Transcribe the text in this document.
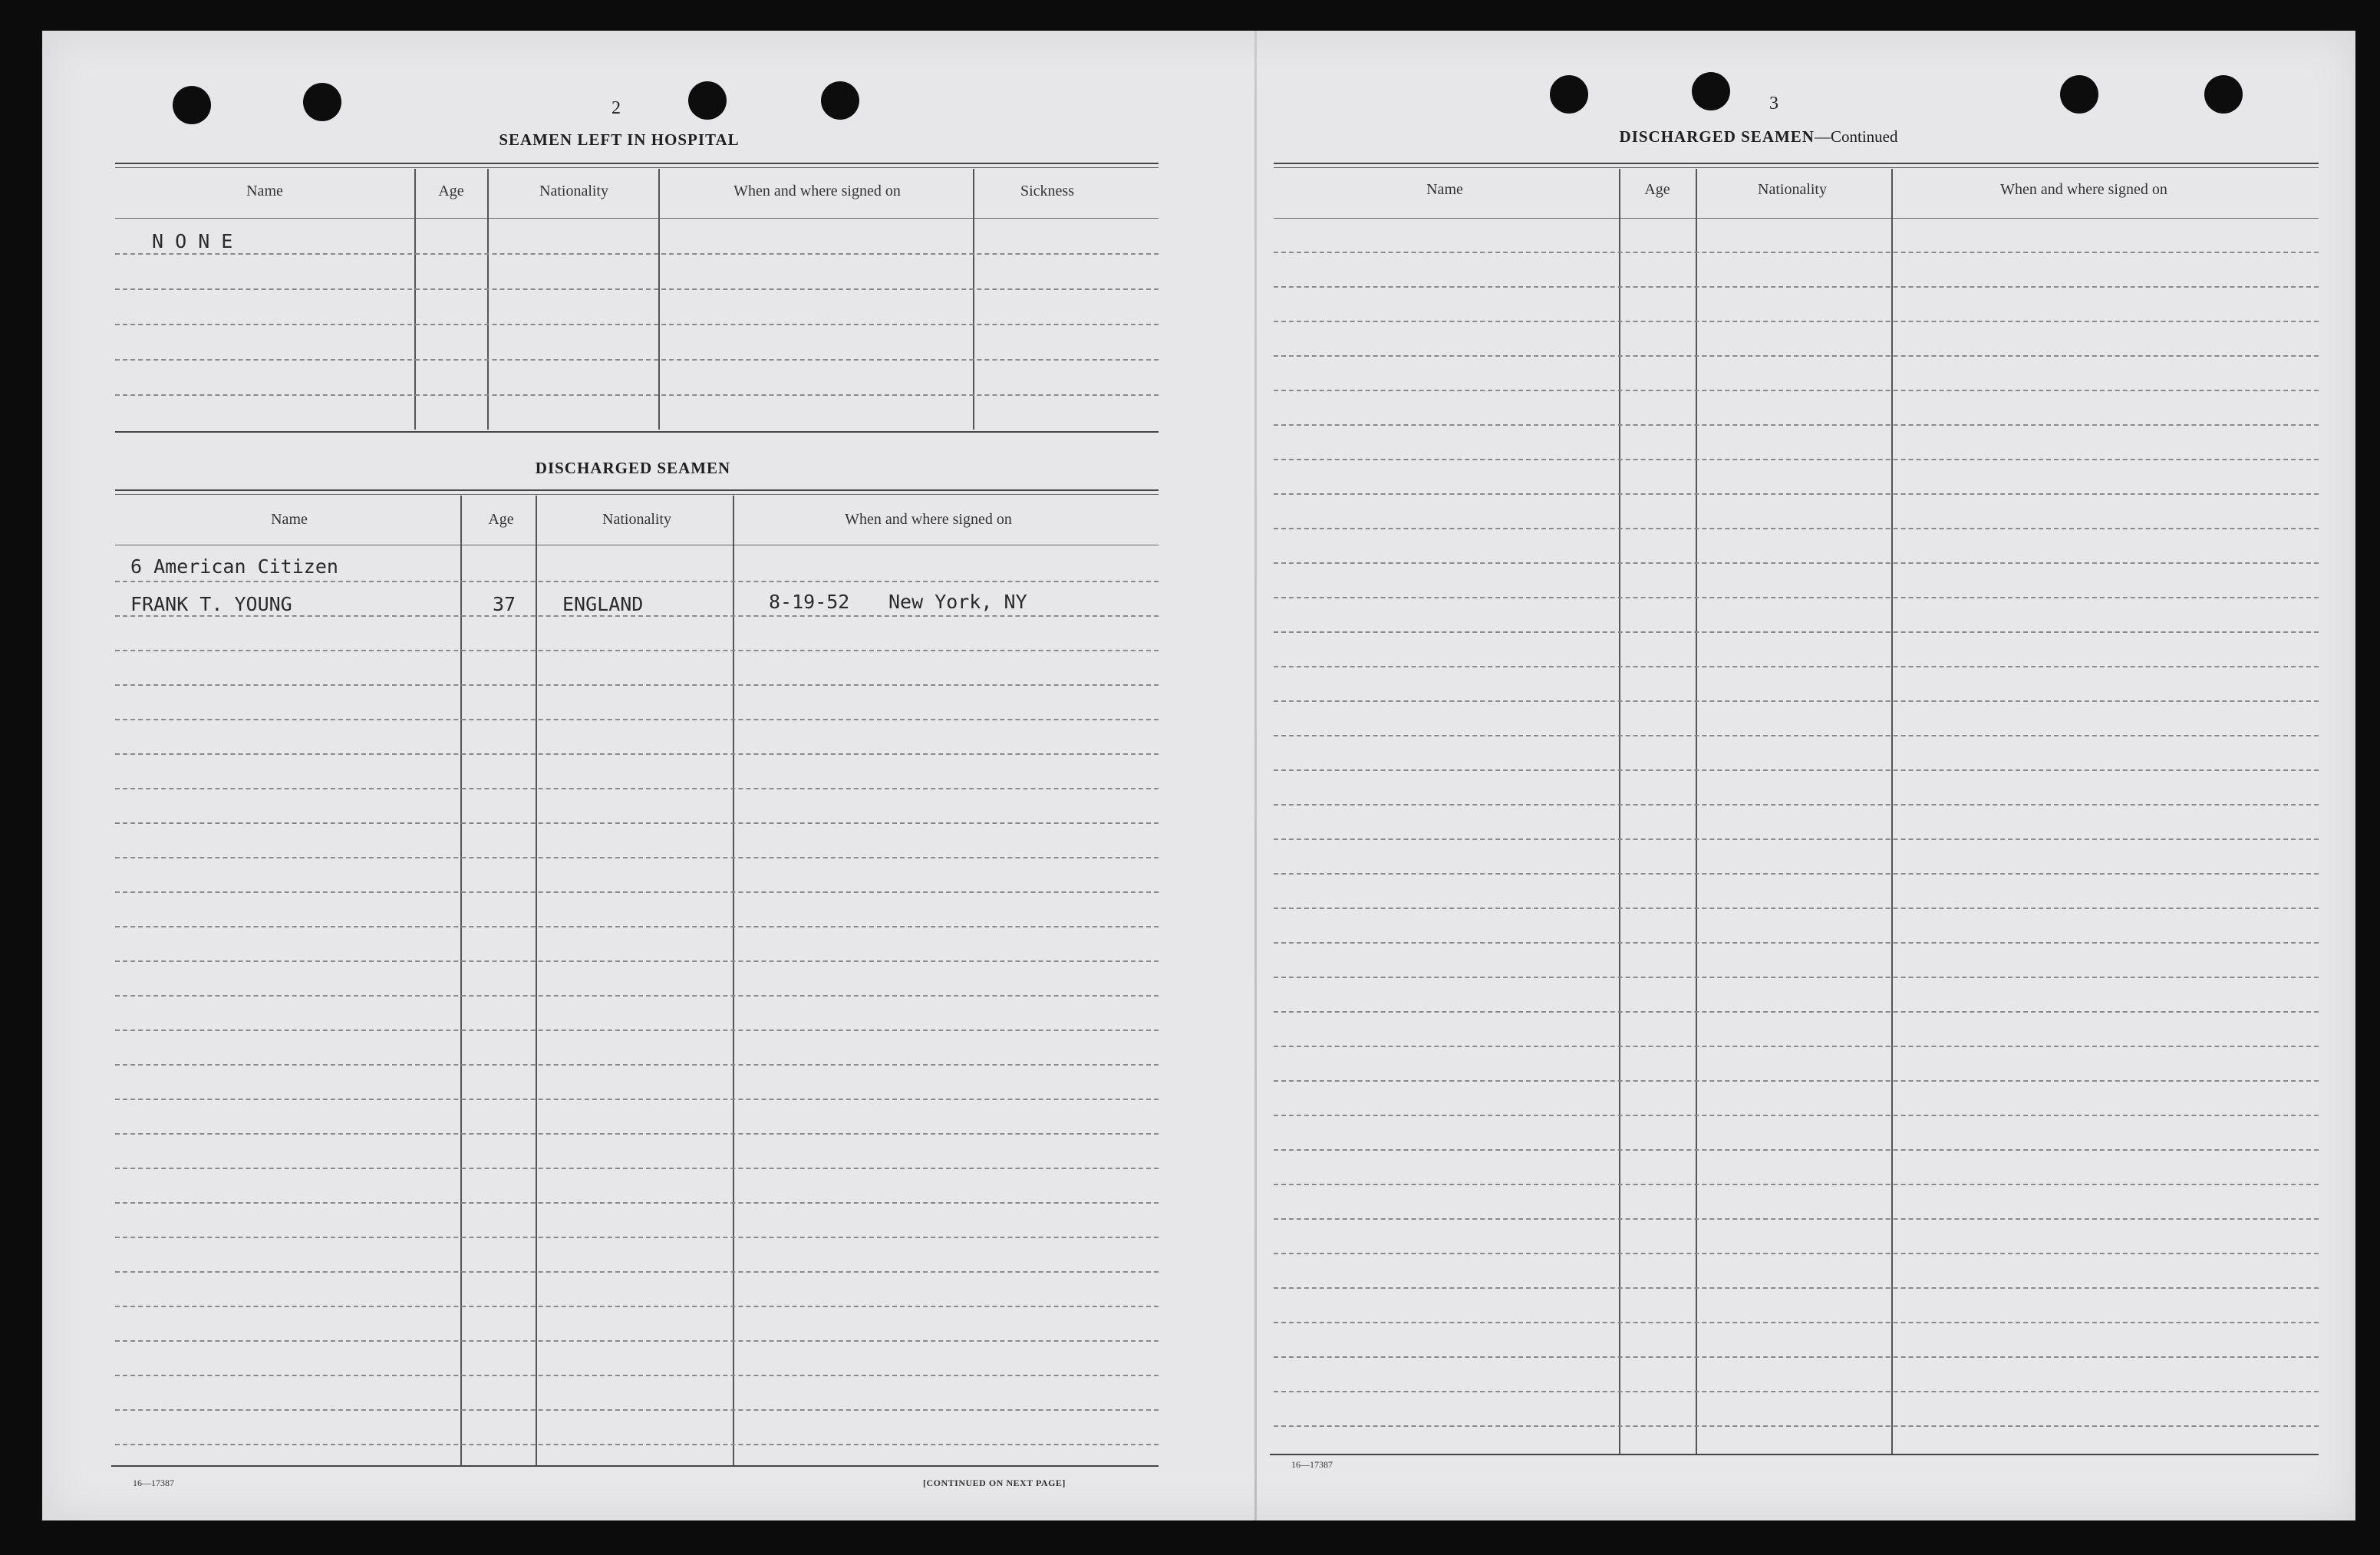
2
SEAMEN LEFT IN HOSPITAL
Name	Age	Nationality	When and where signed on	Sickness
N O N E
DISCHARGED SEAMEN
Name	Age	Nationality	When and where signed on
6 American Citizen
FRANK T. YOUNG	37 ENGLAND	8-19-52 New York, NY
16—17387	[CONTINUED ON NEXT PAGE]
3
DISCHARGED SEAMEN—Continued
Name	Age	Nationality	When and where signed on
16—17387
